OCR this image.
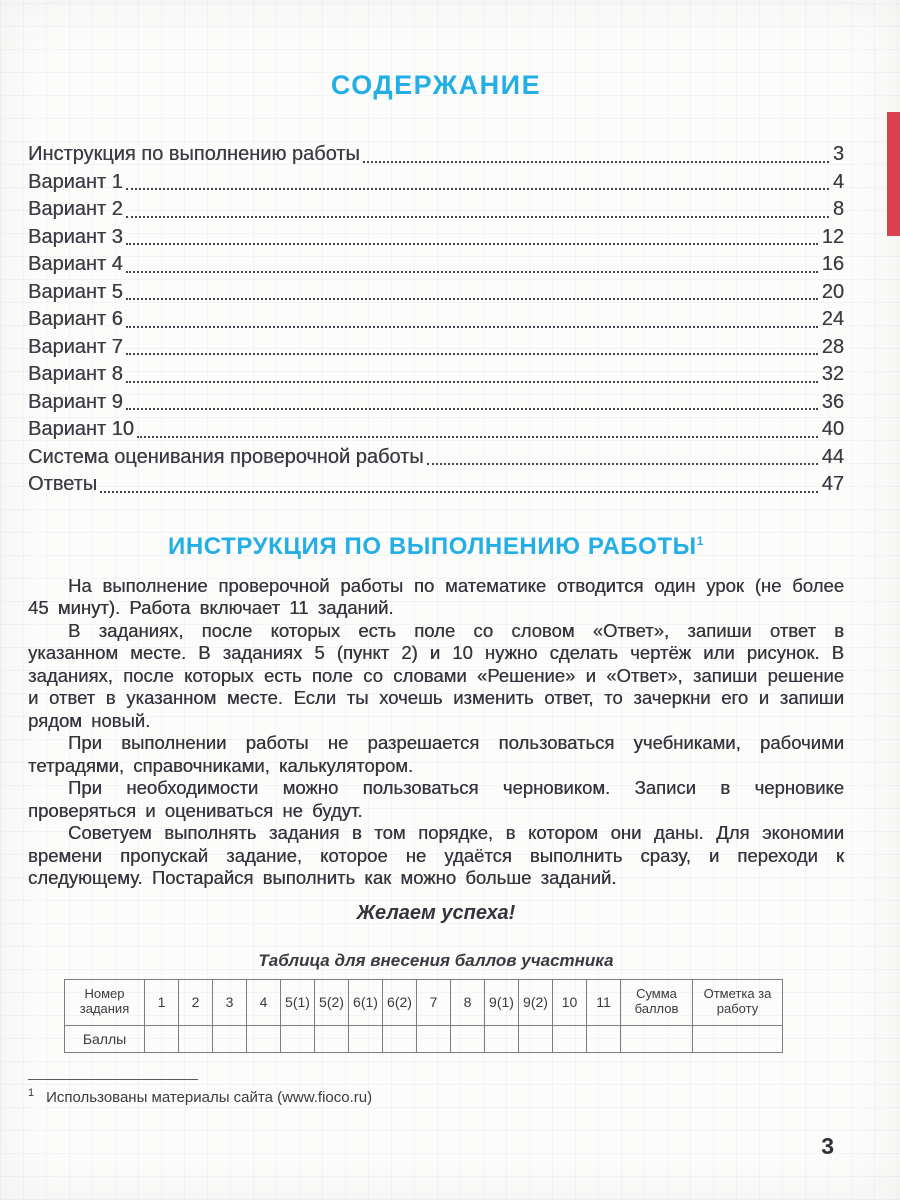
СОДЕРЖАНИЕ
Инструкция по выполнению работы	3
Вариант 1	4
Вариант 2	8
Вариант 3	12
Вариант 4	16
Вариант 5	20
Вариант 6	24
Вариант 7	28
Вариант 8	32
Вариант 9	36
Вариант 10	40
Система оценивания проверочной работы	44
Ответы	47
ИНСТРУКЦИЯ ПО ВЫПОЛНЕНИЮ РАБОТЫ$^1$

На выполнение проверочной работы по математике отводится один урок (не более 45 минут). Работа включает 11 заданий.

В заданиях, после которых есть поле со словом «Ответ», запиши ответ в указанном месте. В заданиях 5 (пункт 2) и 10 нужно сделать чертёж или рисунок. В заданиях, после которых есть поле со словами «Решение» и «Ответ», запиши решение и ответ в указанном месте. Если ты хочешь изменить ответ, то зачеркни его и запиши рядом новый.

При выполнении работы не разрешается пользоваться учебниками, рабочими тетрадями, справочниками, калькулятором.

При необходимости можно пользоваться черновиком. Записи в черновике проверяться и оцениваться не будут.

Советуем выполнять задания в том порядке, в котором они даны. Для экономии времени пропускай задание, которое не удаётся выполнить сразу, и переходи к следующему. Постарайся выполнить как можно больше заданий.

Желаем успеха!

Таблица для внесения баллов участника

Номер задания	1	2	3	4	5(1)	5(2)	6(1)	6(2)	7	8	9(1)	9(2)	10	11	Сумма баллов	Отметка за работу
Баллы																
$^1$ Использованы материалы сайта (www.fioco.ru)
3
